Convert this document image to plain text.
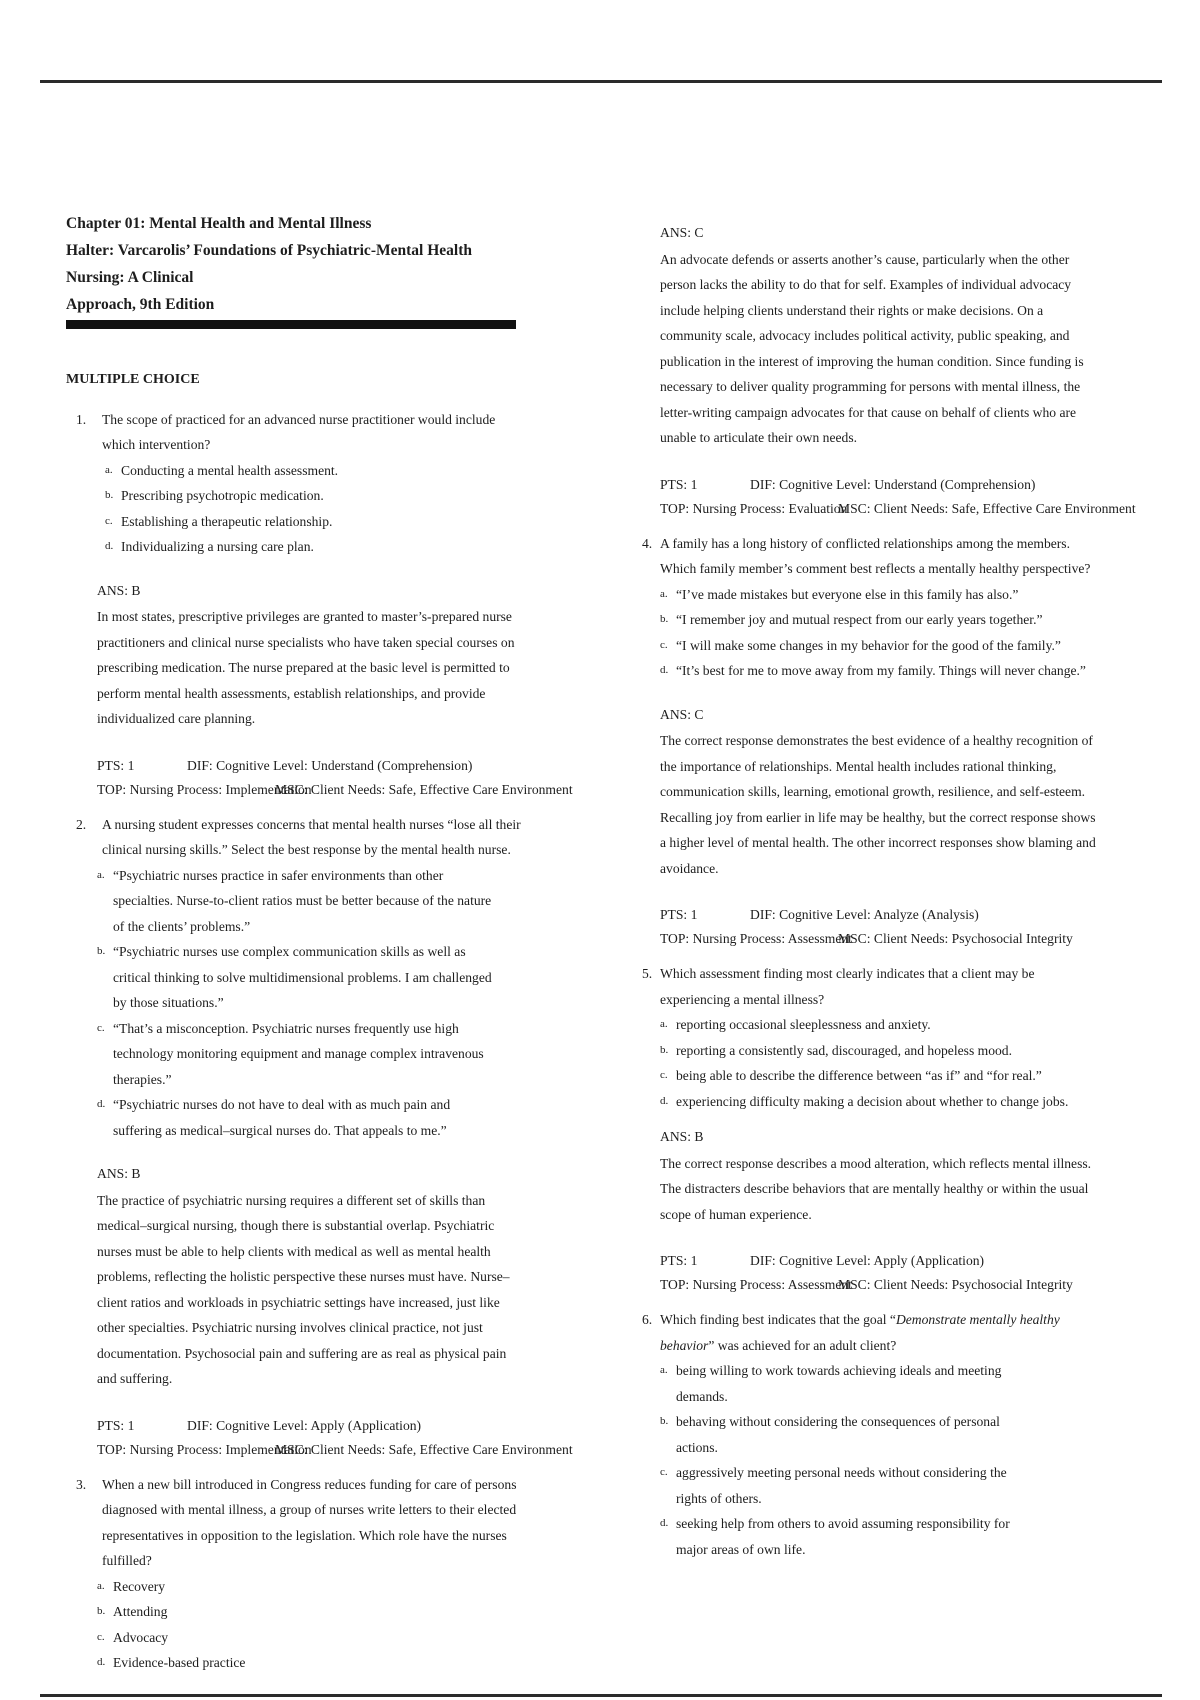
Chapter 01: Mental Health and Mental Illness
Halter: Varcarolis’ Foundations of Psychiatric-Mental Health Nursing: A Clinical
Approach, 9th Edition
MULTIPLE CHOICE
1.	The scope of practiced for an advanced nurse practitioner would include which intervention?
a. Conducting a mental health assessment.
b. Prescribing psychotropic medication.
c. Establishing a therapeutic relationship.
d. Individualizing a nursing care plan.
ANS: B
In most states, prescriptive privileges are granted to master’s-prepared nurse practitioners and clinical nurse specialists who have taken special courses on prescribing medication. The nurse prepared at the basic level is permitted to perform mental health assessments, establish relationships, and provide individualized care planning.
PTS: 1	DIF: Cognitive Level: Understand (Comprehension)
TOP: Nursing Process: Implementation
MSC: Client Needs: Safe, Effective Care Environment
2.	A nursing student expresses concerns that mental health nurses “lose all their clinical nursing skills.” Select the best response by the mental health nurse.
a. “Psychiatric nurses practice in safer environments than other specialties. Nurse-to-client ratios must be better because of the nature of the clients’ problems.”
b. “Psychiatric nurses use complex communication skills as well as critical thinking to solve multidimensional problems. I am challenged by those situations.”
c. “That’s a misconception. Psychiatric nurses frequently use high technology monitoring equipment and manage complex intravenous therapies.”
d. “Psychiatric nurses do not have to deal with as much pain and suffering as medical–surgical nurses do. That appeals to me.”
ANS: B
The practice of psychiatric nursing requires a different set of skills than medical–surgical nursing, though there is substantial overlap. Psychiatric nurses must be able to help clients with medical as well as mental health problems, reflecting the holistic perspective these nurses must have. Nurse–client ratios and workloads in psychiatric settings have increased, just like other specialties. Psychiatric nursing involves clinical practice, not just documentation. Psychosocial pain and suffering are as real as physical pain and suffering.
PTS: 1	DIF: Cognitive Level: Apply (Application)
TOP: Nursing Process: Implementation
MSC: Client Needs: Safe, Effective Care Environment
3.	When a new bill introduced in Congress reduces funding for care of persons diagnosed with mental illness, a group of nurses write letters to their elected representatives in opposition to the legislation. Which role have the nurses fulfilled?
a. Recovery
b. Attending
c. Advocacy
d. Evidence-based practice
ANS: C
An advocate defends or asserts another’s cause, particularly when the other person lacks the ability to do that for self. Examples of individual advocacy include helping clients understand their rights or make decisions. On a community scale, advocacy includes political activity, public speaking, and publication in the interest of improving the human condition. Since funding is necessary to deliver quality programming for persons with mental illness, the letter-writing campaign advocates for that cause on behalf of clients who are unable to articulate their own needs.
PTS: 1	DIF: Cognitive Level: Understand (Comprehension)
TOP: Nursing Process: Evaluation
MSC: Client Needs: Safe, Effective Care Environment
4. A family has a long history of conflicted relationships among the members. Which family member’s comment best reflects a mentally healthy perspective?
a. “I’ve made mistakes but everyone else in this family has also.”
b. “I remember joy and mutual respect from our early years together.”
c. “I will make some changes in my behavior for the good of the family.”
d. “It’s best for me to move away from my family. Things will never change.”
ANS: C
The correct response demonstrates the best evidence of a healthy recognition of the importance of relationships. Mental health includes rational thinking, communication skills, learning, emotional growth, resilience, and self-esteem. Recalling joy from earlier in life may be healthy, but the correct response shows a higher level of mental health. The other incorrect responses show blaming and avoidance.
PTS: 1	DIF: Cognitive Level: Analyze (Analysis)
TOP: Nursing Process: Assessment
MSC: Client Needs: Psychosocial Integrity
5. Which assessment finding most clearly indicates that a client may be experiencing a mental illness?
a. reporting occasional sleeplessness and anxiety.
b. reporting a consistently sad, discouraged, and hopeless mood.
c. being able to describe the difference between “as if” and “for real.”
d. experiencing difficulty making a decision about whether to change jobs.
ANS: B
The correct response describes a mood alteration, which reflects mental illness. The distracters describe behaviors that are mentally healthy or within the usual scope of human experience.
PTS: 1	DIF: Cognitive Level: Apply (Application)
TOP: Nursing Process: Assessment
MSC: Client Needs: Psychosocial Integrity
6. Which finding best indicates that the goal “Demonstrate mentally healthy behavior” was achieved for an adult client?
a. being willing to work towards achieving ideals and meeting demands.
b. behaving without considering the consequences of personal actions.
c. aggressively meeting personal needs without considering the rights of others.
d. seeking help from others to avoid assuming responsibility for major areas of own life.
